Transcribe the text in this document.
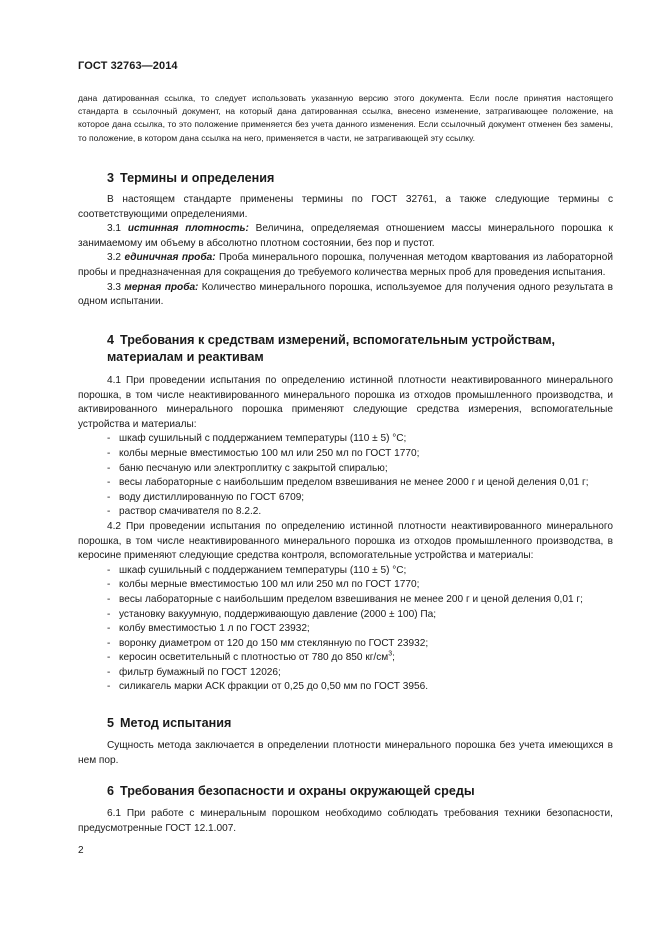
ГОСТ 32763—2014
дана датированная ссылка, то следует использовать указанную версию этого документа. Если после принятия настоящего стандарта в ссылочный документ, на который дана датированная ссылка, внесено изменение, затрагивающее положение, на которое дана ссылка, то это положение применяется без учета данного изменения. Если ссылочный документ отменен без замены, то положение, в котором дана ссылка на него, применяется в части, не затрагивающей эту ссылку.
3 Термины и определения

В настоящем стандарте применены термины по ГОСТ 32761, а также следующие термины с соответствующими определениями.

3.1 истинная плотность: Величина, определяемая отношением массы минерального порошка к занимаемому им объему в абсолютно плотном состоянии, без пор и пустот.

3.2 единичная проба: Проба минерального порошка, полученная методом квартования из лабораторной пробы и предназначенная для сокращения до требуемого количества мерных проб для проведения испытания.

3.3 мерная проба: Количество минерального порошка, используемое для получения одного результата в одном испытании.

4 Требования к средствам измерений, вспомогательным устройствам, материалам и реактивам

4.1 При проведении испытания по определению истинной плотности неактивированного минерального порошка, в том числе неактивированного минерального порошка из отходов промышленного производства, и активированного минерального порошка применяют следующие средства измерения, вспомогательные устройства и материалы:

- шкаф сушильный с поддержанием температуры (110 ± 5) °С;

- колбы мерные вместимостью 100 мл или 250 мл по ГОСТ 1770;

- баню песчаную или электроплитку с закрытой спиралью;

- весы лабораторные с наибольшим пределом взвешивания не менее 2000 г и ценой деления 0,01 г;

- воду дистиллированную по ГОСТ 6709;

- раствор смачивателя по 8.2.2.

4.2 При проведении испытания по определению истинной плотности неактивированного минерального порошка, в том числе неактивированного минерального порошка из отходов промышленного производства, в керосине применяют следующие средства контроля, вспомогательные устройства и материалы:

- шкаф сушильный с поддержанием температуры (110 ± 5) °С;

- колбы мерные вместимостью 100 мл или 250 мл по ГОСТ 1770;

- весы лабораторные с наибольшим пределом взвешивания не менее 200 г и ценой деления 0,01 г;

- установку вакуумную, поддерживающую давление (2000 ± 100) Па;

- колбу вместимостью 1 л по ГОСТ 23932;

- воронку диаметром от 120 до 150 мм стеклянную по ГОСТ 23932;

- керосин осветительный с плотностью от 780 до 850 $кг/см^3$;

- фильтр бумажный по ГОСТ 12026;

- силикагель марки АСК фракции от 0,25 до 0,50 мм по ГОСТ 3956.

5 Метод испытания

Сущность метода заключается в определении плотности минерального порошка без учета имеющихся в нем пор.

6 Требования безопасности и охраны окружающей среды

6.1 При работе с минеральным порошком необходимо соблюдать требования техники безопасности, предусмотренные ГОСТ 12.1.007.

2
